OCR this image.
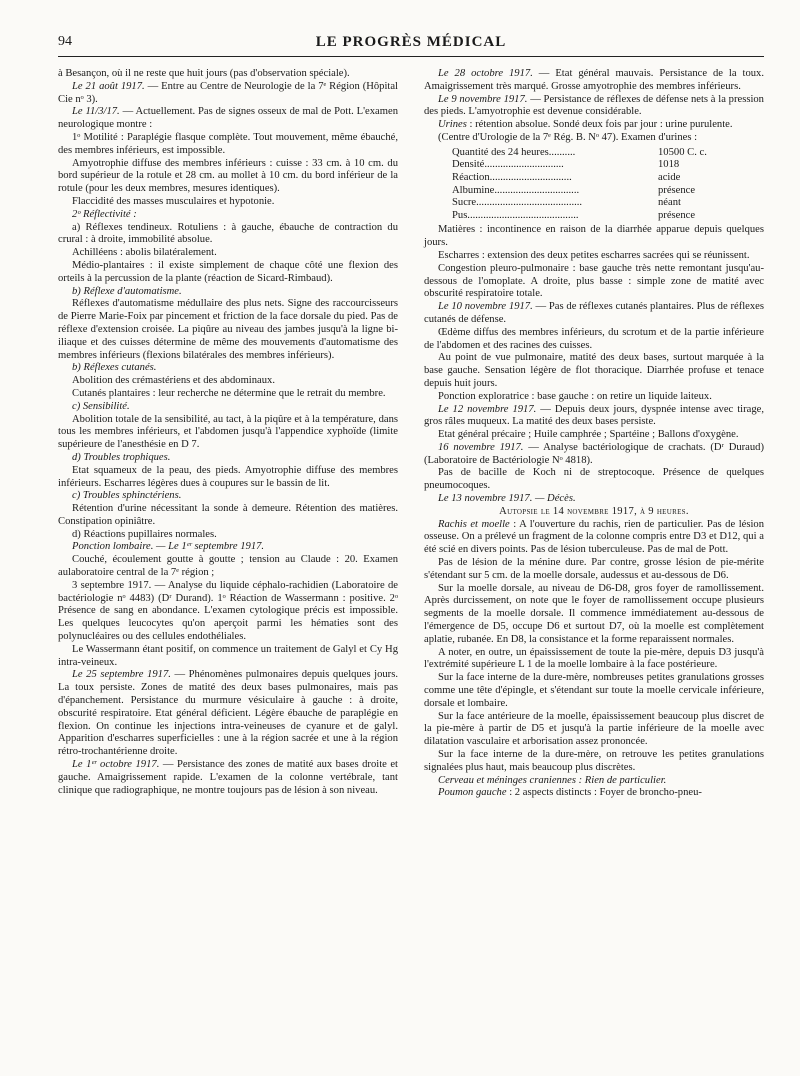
94	LE PROGRÈS MÉDICAL

à Besançon, où il ne reste que huit jours (pas d'observation spéciale).

Le 21 août 1917. — Entre au Centre de Neurologie de la 7ᵉ Région (Hôpital Cie nᵒ 3).

Le 11/3/17. — Actuellement. Pas de signes osseux de mal de Pott. L'examen neurologique montre :

1ᵒ Motilité : Paraplégie flasque complète. Tout mouvement, même ébauché, des membres inférieurs, est impossible.

Amyotrophie diffuse des membres inférieurs : cuisse : 33 cm. à 10 cm. du bord supérieur de la rotule et 28 cm. au mollet à 10 cm. du bord inférieur de la rotule (pour les deux membres, mesures identiques).

Flaccidité des masses musculaires et hypotonie.

2ᵒ Réflectivité :

a) Réflexes tendineux. Rotuliens : à gauche, ébauche de contraction du crural : à droite, immobilité absolue.

Achilléens : abolis bilatéralement.

Médio-plantaires : il existe simplement de chaque côté une flexion des orteils à la percussion de la plante (réaction de Sicard-Rimbaud).

b) Réflexe d'automatisme.

Réflexes d'automatisme médullaire des plus nets. Signe des raccourcisseurs de Pierre Marie-Foix par pincement et friction de la face dorsale du pied. Pas de réflexe d'extension croisée. La piqûre au niveau des jambes jusqu'à la ligne bi-iliaque et des cuisses détermine de même des mouvements d'automatisme des membres inférieurs (flexions bilatérales des membres inférieurs).

b) Réflexes cutanés.

Abolition des crémastériens et des abdominaux.

Cutanés plantaires : leur recherche ne détermine que le retrait du membre.

c) Sensibilité.

Abolition totale de la sensibilité, au tact, à la piqûre et à la température, dans tous les membres inférieurs, et l'abdomen jusqu'à l'appendice xyphoïde (limite supérieure de l'anesthésie en D 7.

d) Troubles trophiques.

Etat squameux de la peau, des pieds. Amyotrophie diffuse des membres inférieurs. Escharres légères dues à coupures sur le bassin de lit.

c) Troubles sphinctériens.

Rétention d'urine nécessitant la sonde à demeure. Rétention des matières. Constipation opiniâtre.

d) Réactions pupillaires normales.

Ponction lombaire. — Le 1ᵉʳ septembre 1917.

Couché, écoulement goutte à goutte ; tension au Claude : 20. Examen aulaboratoire central de la 7ᵉ région ;

3 septembre 1917. — Analyse du liquide céphalo-rachidien (Laboratoire de bactériologie nᵒ 4483) (Dʳ Durand). 1ᵒ Réaction de Wassermann : positive. 2ᵒ Présence de sang en abondance. L'examen cytologique précis est impossible. Les quelques leucocytes qu'on aperçoit parmi les hématies sont des polynucléaires ou des cellules endothéliales.

Le Wassermann étant positif, on commence un traitement de Galyl et Cy Hg intra-veineux.

Le 25 septembre 1917. — Phénomènes pulmonaires depuis quelques jours. La toux persiste. Zones de matité des deux bases pulmonaires, mais pas d'épanchement. Persistance du murmure vésiculaire à gauche : à droite, obscurité respiratoire. Etat général déficient. Légère ébauche de paraplégie en flexion. On continue les injections intra-veineuses de cyanure et de galyl. Apparition d'escharres superficielles : une à la région sacrée et une à la région rétro-trochantérienne droite.

Le 1ᵉʳ octobre 1917. — Persistance des zones de matité aux bases droite et gauche. Amaigrissement rapide. L'examen de la colonne vertébrale, tant clinique que radiographique, ne montre toujours pas de lésion à son niveau.

Le 28 octobre 1917. — Etat général mauvais. Persistance de la toux. Amaigrissement très marqué. Grosse amyotrophie des membres inférieurs.

Le 9 novembre 1917. — Persistance de réflexes de défense nets à la pression des pieds. L'amyotrophie est devenue considérable.

Urines : rétention absolue. Sondé deux fois par jour : urine purulente.

(Centre d'Urologie de la 7ᵉ Rég. B. Nᵒ 47). Examen d'urines :

Quantité des 24 heures..........	10500 C. c.
Densité..............................	1018
Réaction...............................	acide
Albumine................................	présence
Sucre........................................	néant
Pus..........................................	présence

Matières : incontinence en raison de la diarrhée apparue depuis quelques jours.

Escharres : extension des deux petites escharres sacrées qui se réunissent.

Congestion pleuro-pulmonaire : base gauche très nette remontant jusqu'au-dessous de l'omoplate. A droite, plus basse : simple zone de matité avec obscurité respiratoire totale.

Le 10 novembre 1917. — Pas de réflexes cutanés plantaires. Plus de réflexes cutanés de défense.

Œdème diffus des membres inférieurs, du scrotum et de la partie inférieure de l'abdomen et des racines des cuisses.

Au point de vue pulmonaire, matité des deux bases, surtout marquée à la base gauche. Sensation légère de flot thoracique. Diarrhée profuse et tenace depuis huit jours.

Ponction exploratrice : base gauche : on retire un liquide laiteux.

Le 12 novembre 1917. — Depuis deux jours, dyspnée intense avec tirage, gros râles muqueux. La matité des deux bases persiste.

Etat général précaire ; Huile camphrée ; Spartéine ; Ballons d'oxygène.

16 novembre 1917. — Analyse bactériologique de crachats. (Dʳ Duraud) (Laboratoire de Bactériologie Nᵒ 4818).

Pas de bacille de Koch ni de streptocoque. Présence de quelques pneumocoques.

Le 13 novembre 1917. — Décès.

Autopsie le 14 novembre 1917, à 9 heures.

Rachis et moelle : A l'ouverture du rachis, rien de particulier. Pas de lésion osseuse. On a prélevé un fragment de la colonne compris entre D3 et D12, qui a été scié en divers points. Pas de lésion tuberculeuse. Pas de mal de Pott.

Pas de lésion de la ménine dure. Par contre, grosse lésion de pie-mérite s'étendant sur 5 cm. de la moelle dorsale, audessus et au-dessous de D6.

Sur la moelle dorsale, au niveau de D6-D8, gros foyer de ramollissement. Après durcissement, on note que le foyer de ramollissement occupe plusieurs segments de la moelle dorsale. Il commence immédiatement au-dessous de l'émergence de D5, occupe D6 et surtout D7, où la moelle est complètement aplatie, rubanée. En D8, la consistance et la forme reparaissent normales.

A noter, en outre, un épaississement de toute la pie-mère, depuis D3 jusqu'à l'extrémité supérieure L 1 de la moelle lombaire à la face postérieure.

Sur la face interne de la dure-mère, nombreuses petites granulations grosses comme une tête d'épingle, et s'étendant sur toute la moelle cervicale inférieure, dorsale et lombaire.

Sur la face antérieure de la moelle, épaississement beaucoup plus discret de la pie-mère à partir de D5 et jusqu'à la partie inférieure de la moelle avec dilatation vasculaire et arborisation assez prononcée.

Sur la face interne de la dure-mère, on retrouve les petites granulations signalées plus haut, mais beaucoup plus discrètes.

Cerveau et méninges craniennes : Rien de particulier.

Poumon gauche : 2 aspects distincts : Foyer de broncho-pneu-
